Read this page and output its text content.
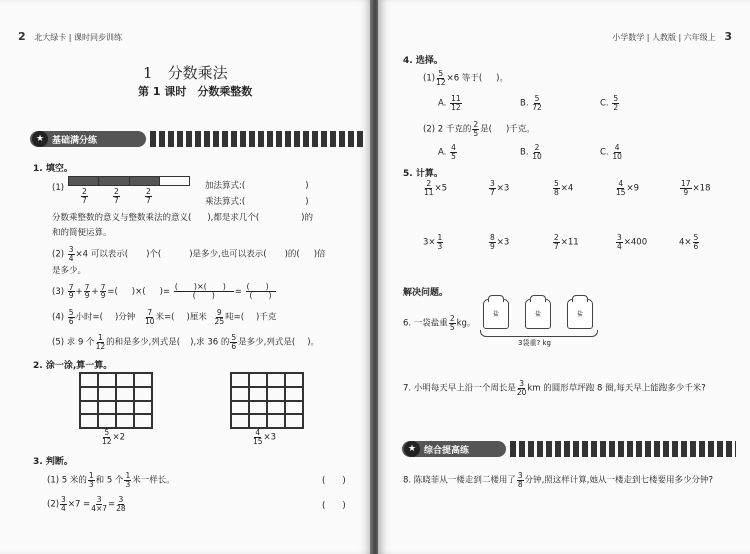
2 北大绿卡 | 课时同步训练
1 分数乘法
第 1 课时　分数乘整数
基础满分练
★
1. 填空。
$(1) \frac{2}{7}$	$\frac{2}{7}$	$\frac{2}{7}$
加法算式:(	)
乘法算式:(	)
分数乘整数的意义与整数乘法的意义( ),都是求几个(	)的
和的简便运算。
$(2) \frac{3}{4} \times 4$ 可以表示( )个(	)是多少,也可以表示( )的( )倍
是多少。
$(3) \frac{7}{9} + \frac{7}{9} + \frac{7}{9}$ =( )×( )= $\frac{( )\times( )}{( )} = \frac{( )}{( )}$
$(4) \frac{5}{6}$ 小时=( )分钟 $\frac{7}{10}$ 米=( )厘米 $\frac{9}{25}$ 吨=( )千克
(5) 求 9 个 $\frac{1}{12}$ 的和是多少,列式是( ),求 36 的 $\frac{5}{6}$ 是多少,列式是( )。
2. 涂一涂,算一算。
$\frac{5}{12} \times 2$	$\frac{4}{15} \times 3$
3. 判断。
(1) 5 米的 $\frac{1}{3}$ 和 5 个 $\frac{1}{3}$ 米一样长。	(　　)
$(2) \frac{3}{4} \times 7 = \frac{3}{4\times 7} = \frac{3}{28}$	(　　)
小学数学 | 人教版 | 六年级上 3
4. 选择。
$(1) \frac{5}{12} \times 6$ 等于( )。
A. $\frac{11}{12}$	B. $\frac{5}{72}$	C. $\frac{5}{2}$
(2) 2 千克的 $\frac{2}{5}$ 是( )千克。
A. $\frac{4}{5}$	B. $\frac{2}{10}$	C. $\frac{4}{10}$
5. 计算。
$\frac{2}{11} \times 5$	$\frac{3}{7} \times 3$	$\frac{5}{8} \times 4$	$\frac{4}{15} \times 9$	$\frac{17}{9} \times 18$
$3\times \frac{1}{3}$	$\frac{8}{9} \times 3$	$\frac{2}{7} \times 11$	$\frac{3}{4} \times 400$	$4\times \frac{5}{6}$
解决问题。
6. 一袋盐重 $\frac{2}{5}$ kg。
盐	盐	盐
3袋重? kg
7. 小明每天早上沿一个周长是 $\frac{3}{20}$ km 的圆形草坪跑 8 圈,每天早上能跑多少千米?
综合提高练
★
8. 陈晓菲从一楼走到二楼用了 $\frac{3}{8}$ 分钟,照这样计算,她从一楼走到七楼要用多少分钟?
